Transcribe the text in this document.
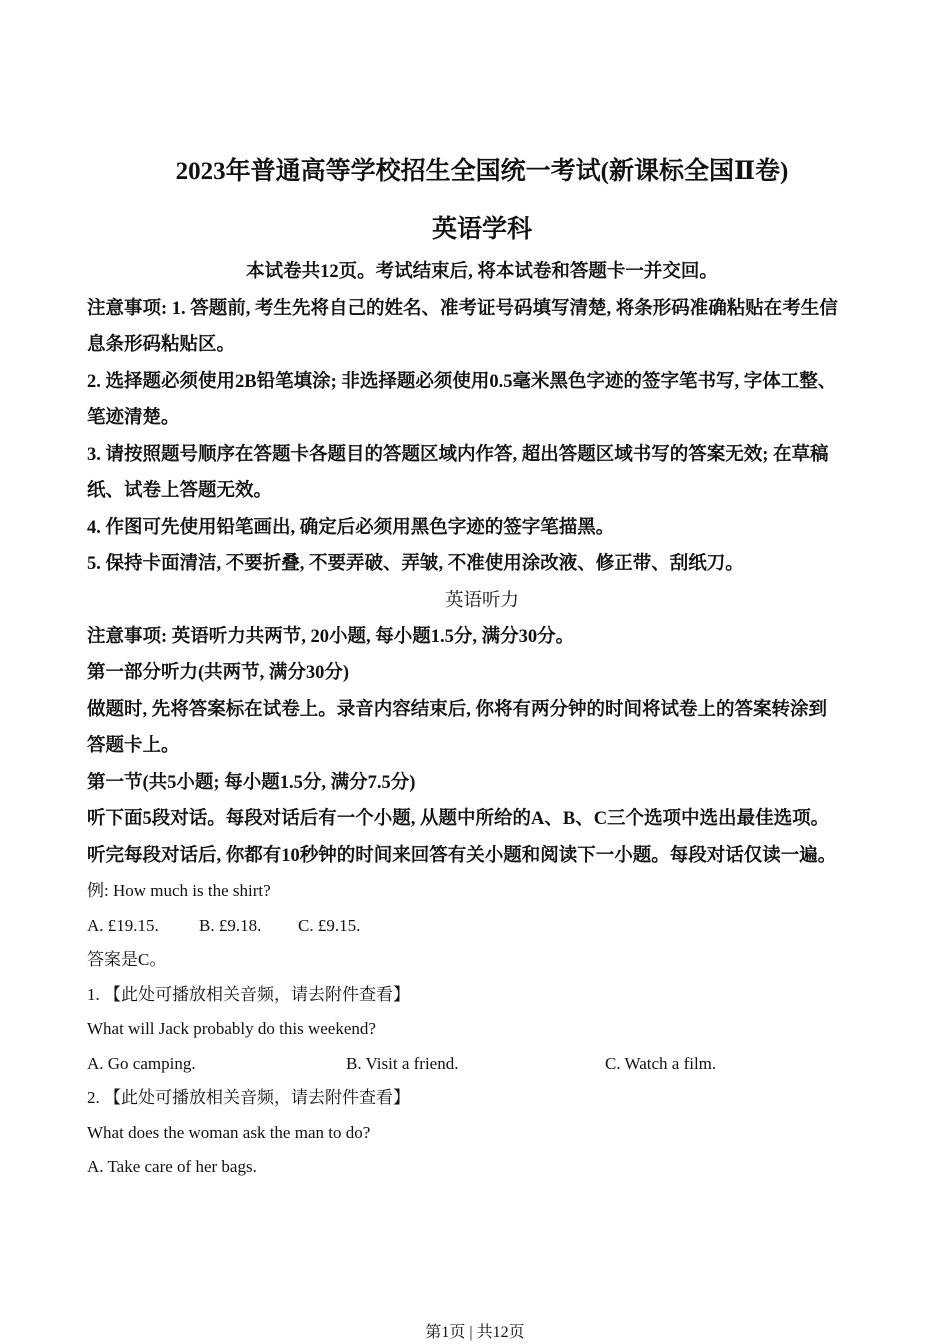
2023年普通高等学校招生全国统一考试(新课标全国Ⅱ卷)
英语学科

本试卷共12页。考试结束后, 将本试卷和答题卡一并交回。

注意事项: 1. 答题前, 考生先将自己的姓名、准考证号码填写清楚, 将条形码准确粘贴在考生信

息条形码粘贴区。

2. 选择题必须使用2B铅笔填涂; 非选择题必须使用0.5毫米黑色字迹的签字笔书写, 字体工整、

笔迹清楚。

3. 请按照题号顺序在答题卡各题目的答题区域内作答, 超出答题区域书写的答案无效; 在草稿

纸、试卷上答题无效。

4. 作图可先使用铅笔画出, 确定后必须用黑色字迹的签字笔描黑。

5. 保持卡面清洁, 不要折叠, 不要弄破、弄皱, 不准使用涂改液、修正带、刮纸刀。

英语听力

注意事项: 英语听力共两节, 20小题, 每小题1.5分, 满分30分。

第一部分听力(共两节, 满分30分)

做题时, 先将答案标在试卷上。录音内容结束后, 你将有两分钟的时间将试卷上的答案转涂到

答题卡上。

第一节(共5小题; 每小题1.5分, 满分7.5分)

听下面5段对话。每段对话后有一个小题, 从题中所给的A、B、C三个选项中选出最佳选项。

听完每段对话后, 你都有10秒钟的时间来回答有关小题和阅读下一小题。每段对话仅读一遍。

例: How much is the shirt?

A. £19.15.	B. £9.18.	C. £9.15.

答案是C。

1. 【此处可播放相关音频，请去附件查看】

What will Jack probably do this weekend?

A. Go camping.	B. Visit a friend.	C. Watch a film.

2. 【此处可播放相关音频，请去附件查看】

What does the woman ask the man to do?

A. Take care of her bags.

第1页 | 共12页
